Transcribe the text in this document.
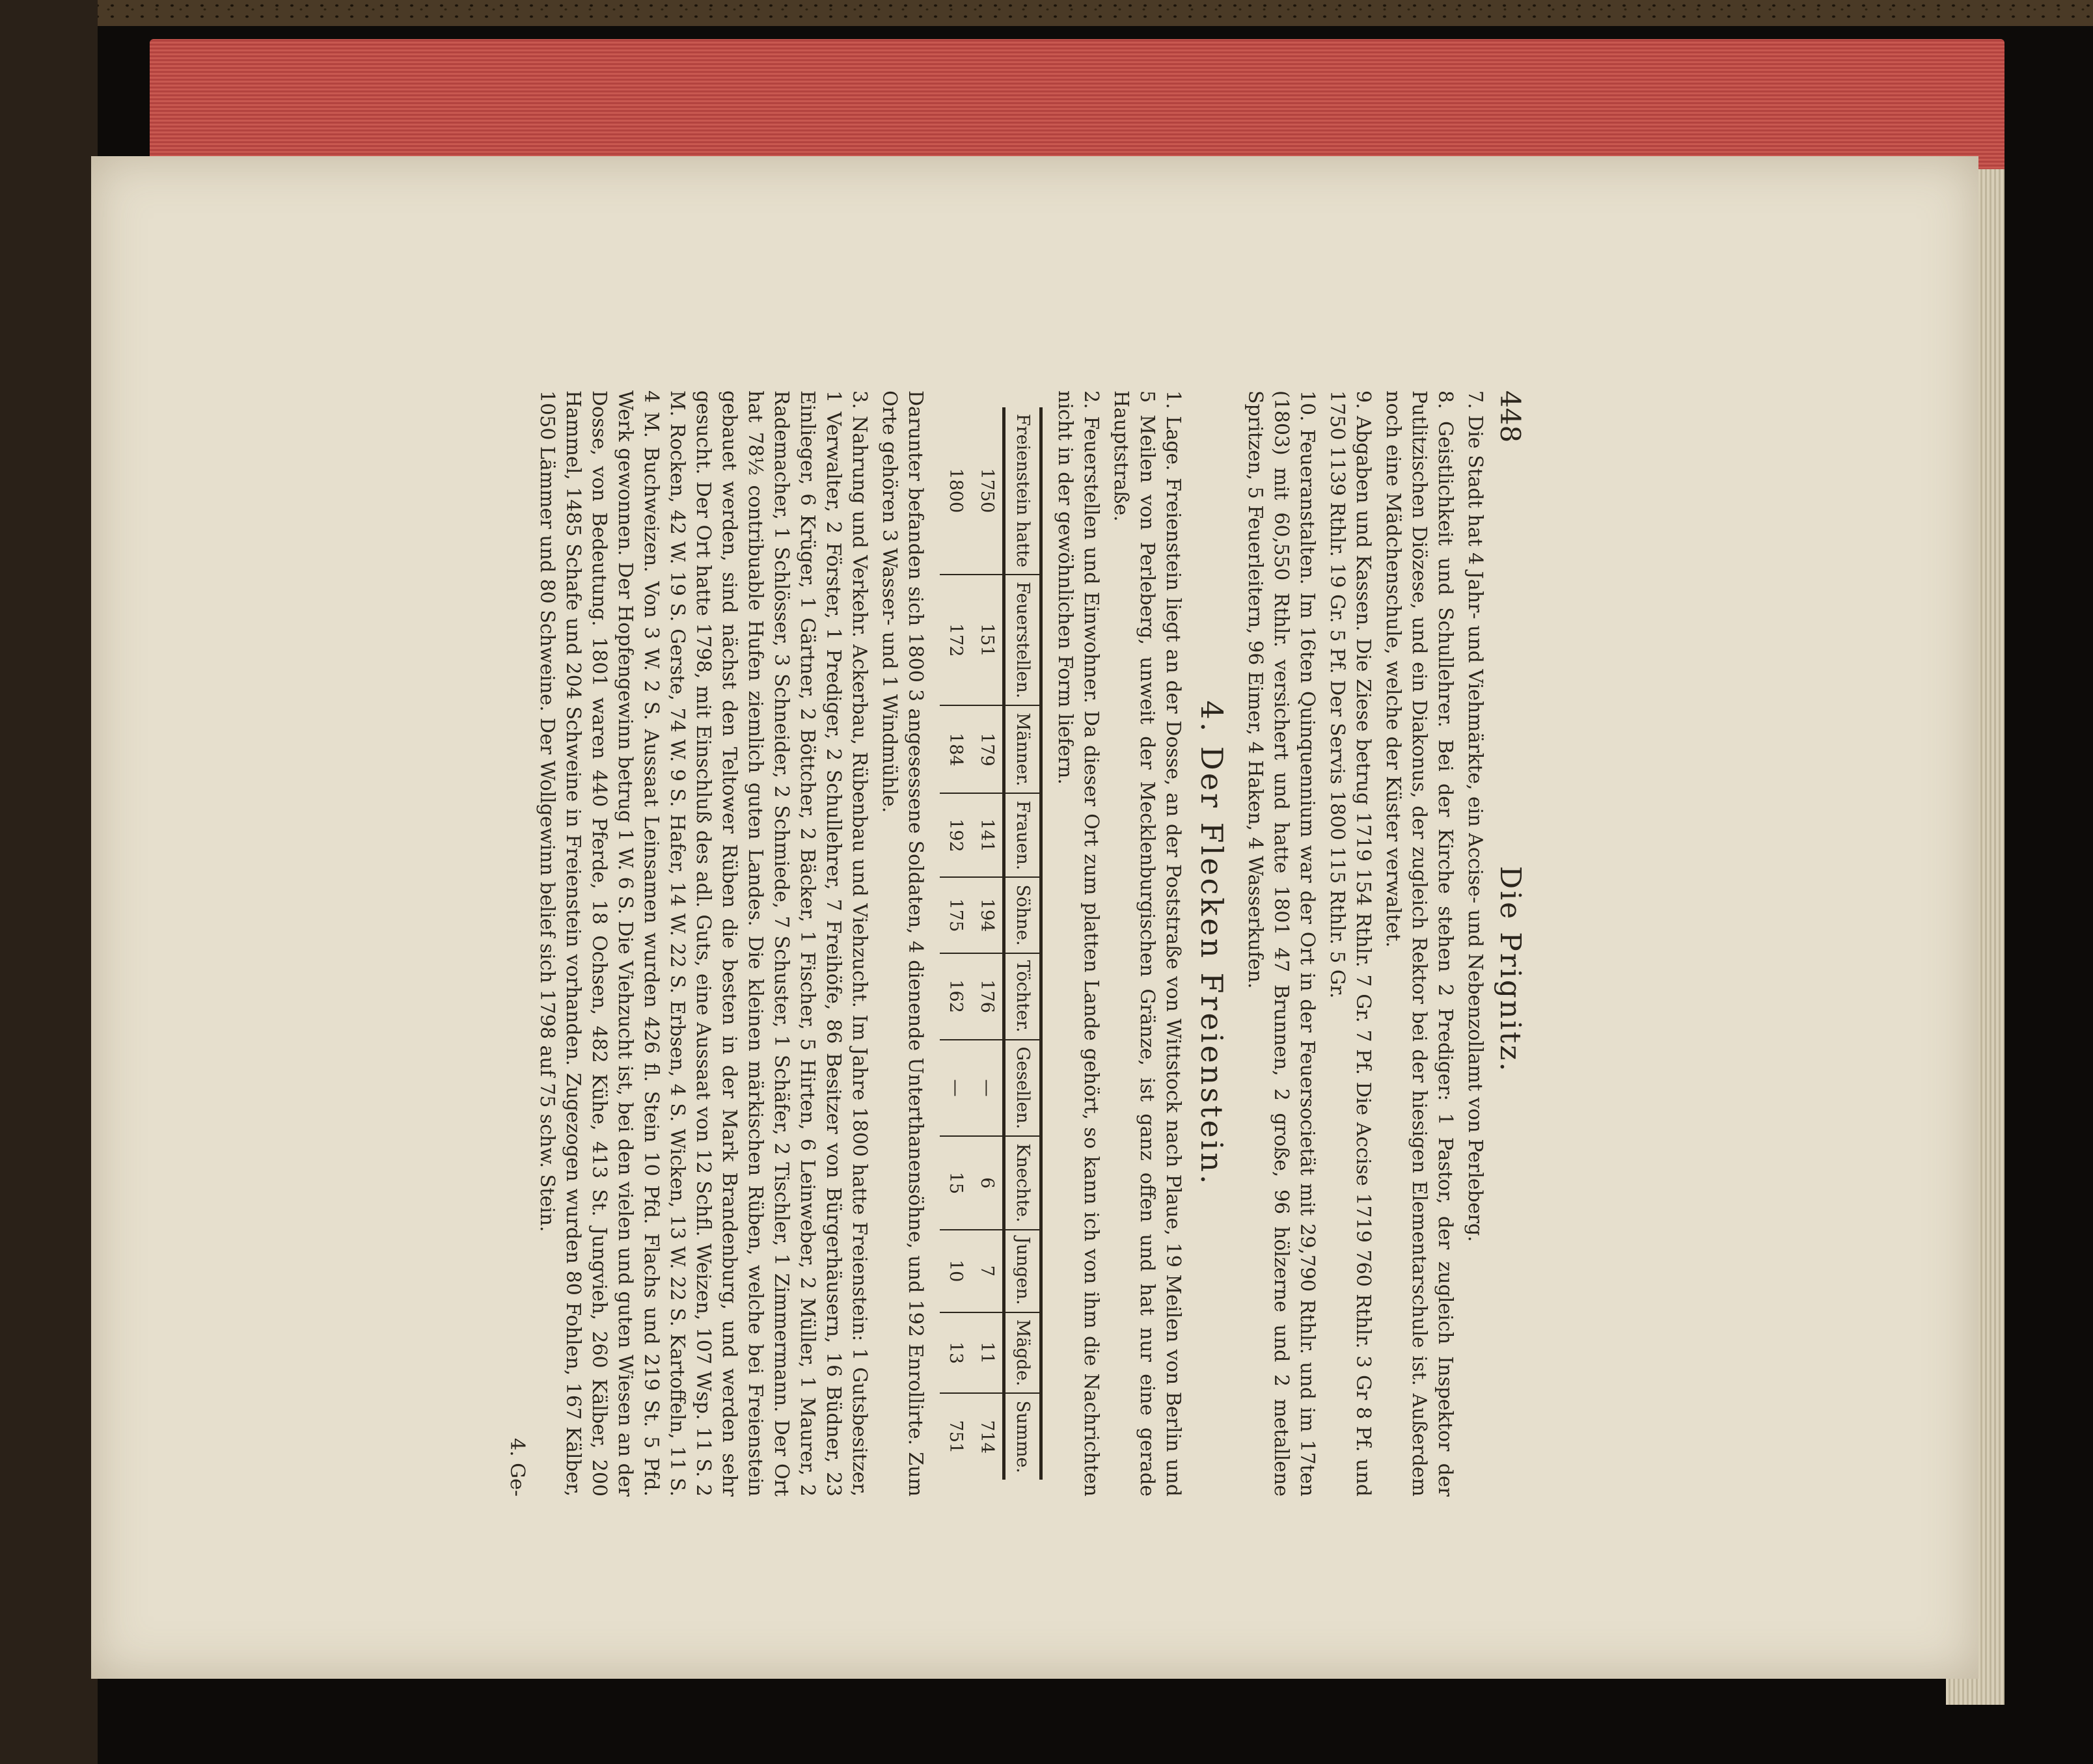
448
Die Prignitz.

7. Die Stadt hat 4 Jahr- und Viehmärkte, ein Accise- und Nebenzollamt von Perleberg.

8. Geistlichkeit und Schullehrer. Bei der Kirche stehen 2 Prediger: 1 Pastor, der zugleich Inspektor der Putlitzischen Diözese, und ein Diakonus, der zugleich Rektor bei der hiesigen Elementarschule ist. Außerdem noch eine Mädchenschule, welche der Küster verwaltet.

9. Abgaben und Kassen. Die Ziese betrug 1719 154 Rthlr. 7 Gr. 7 Pf. Die Accise 1719 760 Rthlr. 3 Gr 8 Pf. und 1750 1139 Rthlr. 19 Gr. 5 Pf. Der Servis 1800 115 Rthlr. 5 Gr.

10. Feueranstalten. Im 16ten Quinquennium war der Ort in der Feuersocietät mit 29,790 Rthlr. und im 17ten (1803) mit 60,550 Rthlr. versichert und hatte 1801 47 Brunnen, 2 große, 96 hölzerne und 2 metallene Spritzen, 5 Feuerleitern, 96 Eimer, 4 Haken, 4 Wasserkufen.

4. Der Flecken Freienstein.

1. Lage. Freienstein liegt an der Dosse, an der Poststraße von Wittstock nach Plaue, 19 Meilen von Berlin und 5 Meilen von Perleberg, unweit der Mecklenburgischen Gränze, ist ganz offen und hat nur eine gerade Hauptstraße.

2. Feuerstellen und Einwohner. Da dieser Ort zum platten Lande gehört, so kann ich von ihm die Nachrichten nicht in der gewöhnlichen Form liefern.

Freienstein hatte	Feuerstellen.	Männer.	Frauen.	Söhne.	Töchter.	Gesellen.	Knechte.	Jungen.	Mägde.	Summe.
1750	151	179	141	194	176	—	6	7	11	714
1800	172	184	192	175	162	—	15	10	13	751

Darunter befanden sich 1800 3 angesessene Soldaten, 4 dienende Unterthanensöhne, und 192 Enrollirte. Zum Orte gehören 3 Wasser- und 1 Windmühle.

3. Nahrung und Verkehr. Ackerbau, Rübenbau und Viehzucht. Im Jahre 1800 hatte Freienstein: 1 Gutsbesitzer, 1 Verwalter, 2 Förster, 1 Prediger, 2 Schullehrer, 7 Freihöfe, 86 Besitzer von Bürgerhäusern, 16 Büdner, 23 Einlieger, 6 Krüger, 1 Gärtner, 2 Böttcher, 2 Bäcker, 1 Fischer, 5 Hirten, 6 Leinweber, 2 Müller, 1 Maurer, 2 Rademacher, 1 Schlösser, 3 Schneider, 2 Schmiede, 7 Schuster, 1 Schäfer, 2 Tischler, 1 Zimmermann. Der Ort hat 78½ contribuable Hufen ziemlich guten Landes. Die kleinen märkischen Rüben, welche bei Freienstein gebauet werden, sind nächst den Teltower Rüben die besten in der Mark Brandenburg, und werden sehr gesucht. Der Ort hatte 1798, mit Einschluß des adl. Guts, eine Aussaat von 12 Schfl. Weizen, 107 Wsp. 11 S. 2 M. Rocken, 42 W. 19 S. Gerste, 74 W. 9 S. Hafer, 14 W. 22 S. Erbsen, 4 S. Wicken, 13 W. 22 S. Kartoffeln, 11 S. 4 M. Buchweizen. Von 3 W. 2 S. Aussaat Leinsamen wurden 426 fl. Stein 10 Pfd. Flachs und 219 St. 5 Pfd. Werk gewonnen. Der Hopfengewinn betrug 1 W. 6 S. Die Viehzucht ist, bei den vielen und guten Wiesen an der Dosse, von Bedeutung. 1801 waren 440 Pferde, 18 Ochsen, 482 Kühe, 413 St. Jungvieh, 260 Kälber, 200 Hammel, 1485 Schafe und 204 Schweine in Freienstein vorhanden. Zugezogen wurden 80 Fohlen, 167 Kälber, 1050 Lämmer und 80 Schweine. Der Wollgewinn belief sich 1798 auf 75 schw. Stein.

4. Ge-
